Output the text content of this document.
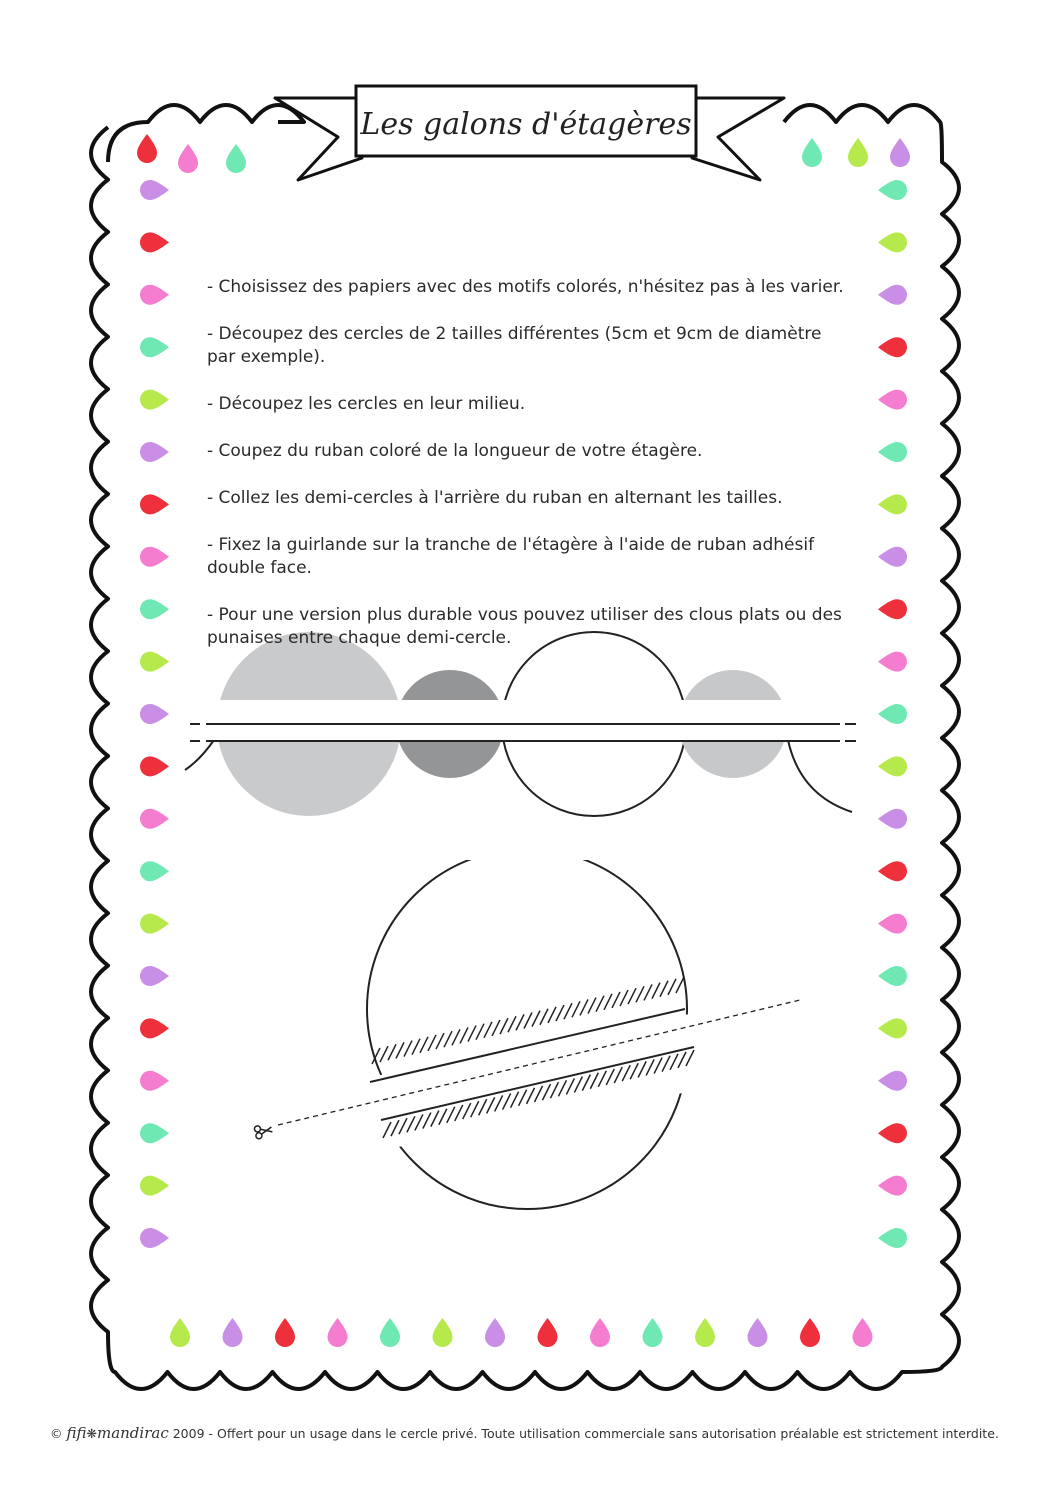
Les galons d'étagères
- Choisissez des papiers avec des motifs colorés, n'hésitez pas à les varier.
- Découpez des cercles de 2 tailles différentes (5cm et 9cm de diamètre par exemple).
- Découpez les cercles en leur milieu.
- Coupez du ruban coloré de la longueur de votre étagère.
- Collez les demi-cercles à l'arrière du ruban en alternant les tailles.
- Fixez la guirlande sur la tranche de l'étagère à l'aide de ruban adhésif double face.
- Pour une version plus durable vous pouvez utiliser des clous plats ou des punaises entre chaque demi-cercle.
© fifi❋mandirac 2009 - Offert pour un usage dans le cercle privé. Toute utilisation commerciale sans autorisation préalable est strictement interdite.
